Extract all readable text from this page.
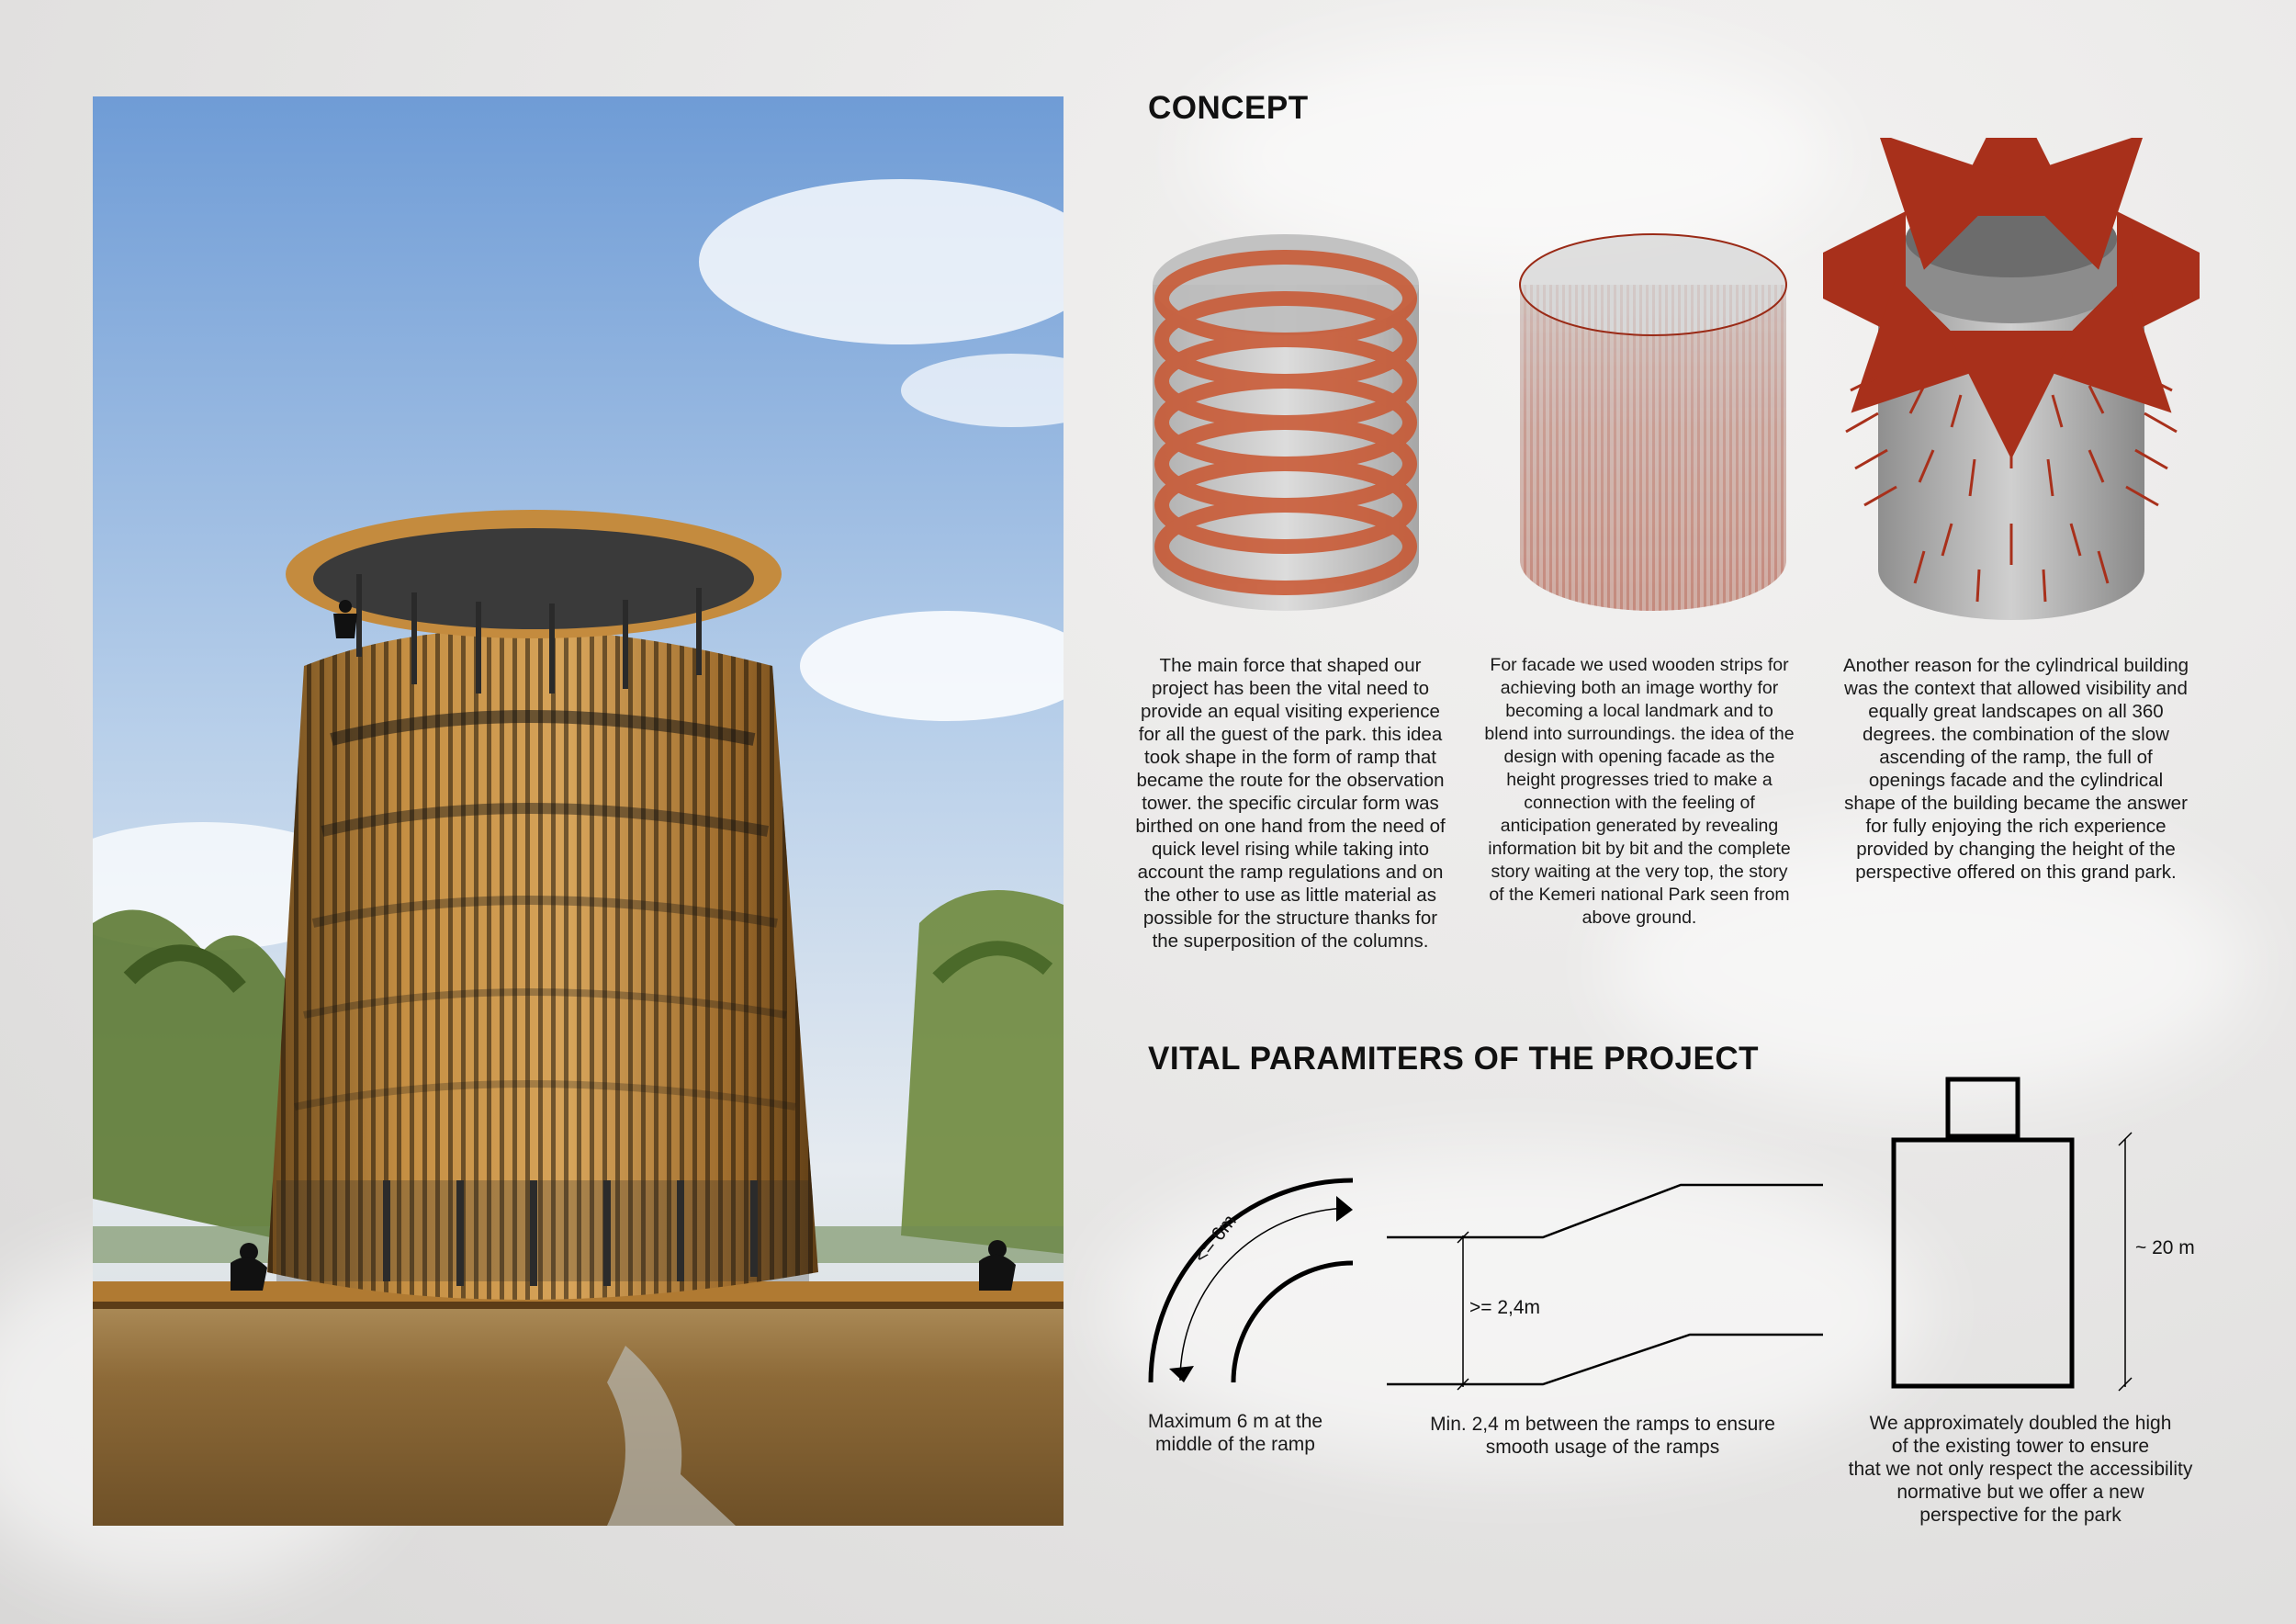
CONCEPT
The main force that shaped our project has been the vital need to provide an equal visiting experience for all the guest of the park. this idea took shape in the form of ramp that became the route for the observation tower. the specific circular form was birthed on one hand from the need of quick level rising while taking into account the ramp regulations and on the other to use as little material as possible for the structure thanks for the superposition of the columns.
For facade we used wooden strips for achieving both an image worthy for becoming a local landmark and to blend into surroundings. the idea of the design with opening facade as the height progresses tried to make a connection with the feeling of anticipation generated by revealing information bit by bit and the complete story waiting at the very top, the story of the Kemeri national Park seen from above ground.
Another reason for the cylindrical building was the context that allowed visibility and equally great landscapes on all 360 degrees. the combination of the slow ascending of the ramp, the full of openings facade and the cylindrical shape of the building became the answer for fully enjoying the rich experience provided by changing the height of the perspective offered on this grand park.
VITAL PARAMITERS OF THE PROJECT
<= 6m
>= 2,4m
~ 20 m
Maximum 6 m at the
middle of the ramp
Min. 2,4 m between the ramps to ensure
smooth usage of the ramps
We approximately doubled the high
of the existing tower to ensure
that we not only respect the accessibility
normative but we offer a new
perspective for the park
